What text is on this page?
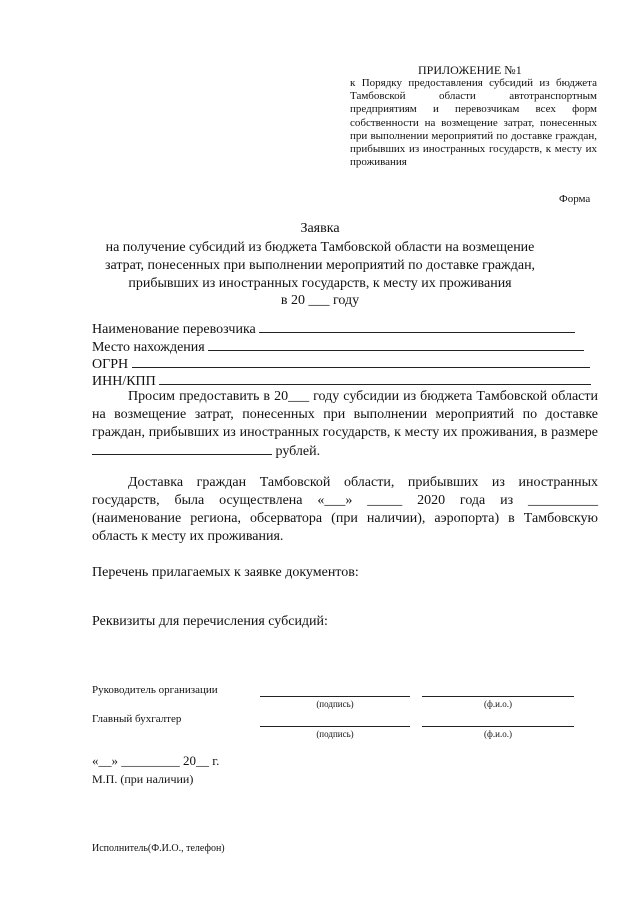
ПРИЛОЖЕНИЕ №1
к Порядку предоставления субсидий из бюджета Тамбовской области автотранспортным предприятиям и перевозчикам всех форм собственности на возмещение затрат, понесенных при выполнении мероприятий по доставке граждан, прибывших из иностранных государств, к месту их проживания
Форма
Заявка
на получение субсидий из бюджета Тамбовской области на возмещение
затрат, понесенных при выполнении мероприятий по доставке граждан,
прибывших из иностранных государств, к месту их проживания
в 20 ___ году
Наименование перевозчика
Место нахождения
ОГРН
ИНН/КПП
Просим предоставить в 20___ году субсидии из бюджета Тамбовской области на возмещение затрат, понесенных при выполнении мероприятий по доставке граждан, прибывших из иностранных государств, к месту их проживания, в размере  рублей.
Доставка граждан Тамбовской области, прибывших из иностранных государств, была осуществлена «___» _____ 2020 года из __________ (наименование региона, обсерватора (при наличии), аэропорта) в Тамбовскую область к месту их проживания.
Перечень прилагаемых к заявке документов:
Реквизиты для перечисления субсидий:
Руководитель организации
(подпись)	(ф.и.о.)
Главный бухгалтер
(подпись)	(ф.и.о.)
«__» _________ 20__ г.
М.П. (при наличии)
Исполнитель(Ф.И.О., телефон)
